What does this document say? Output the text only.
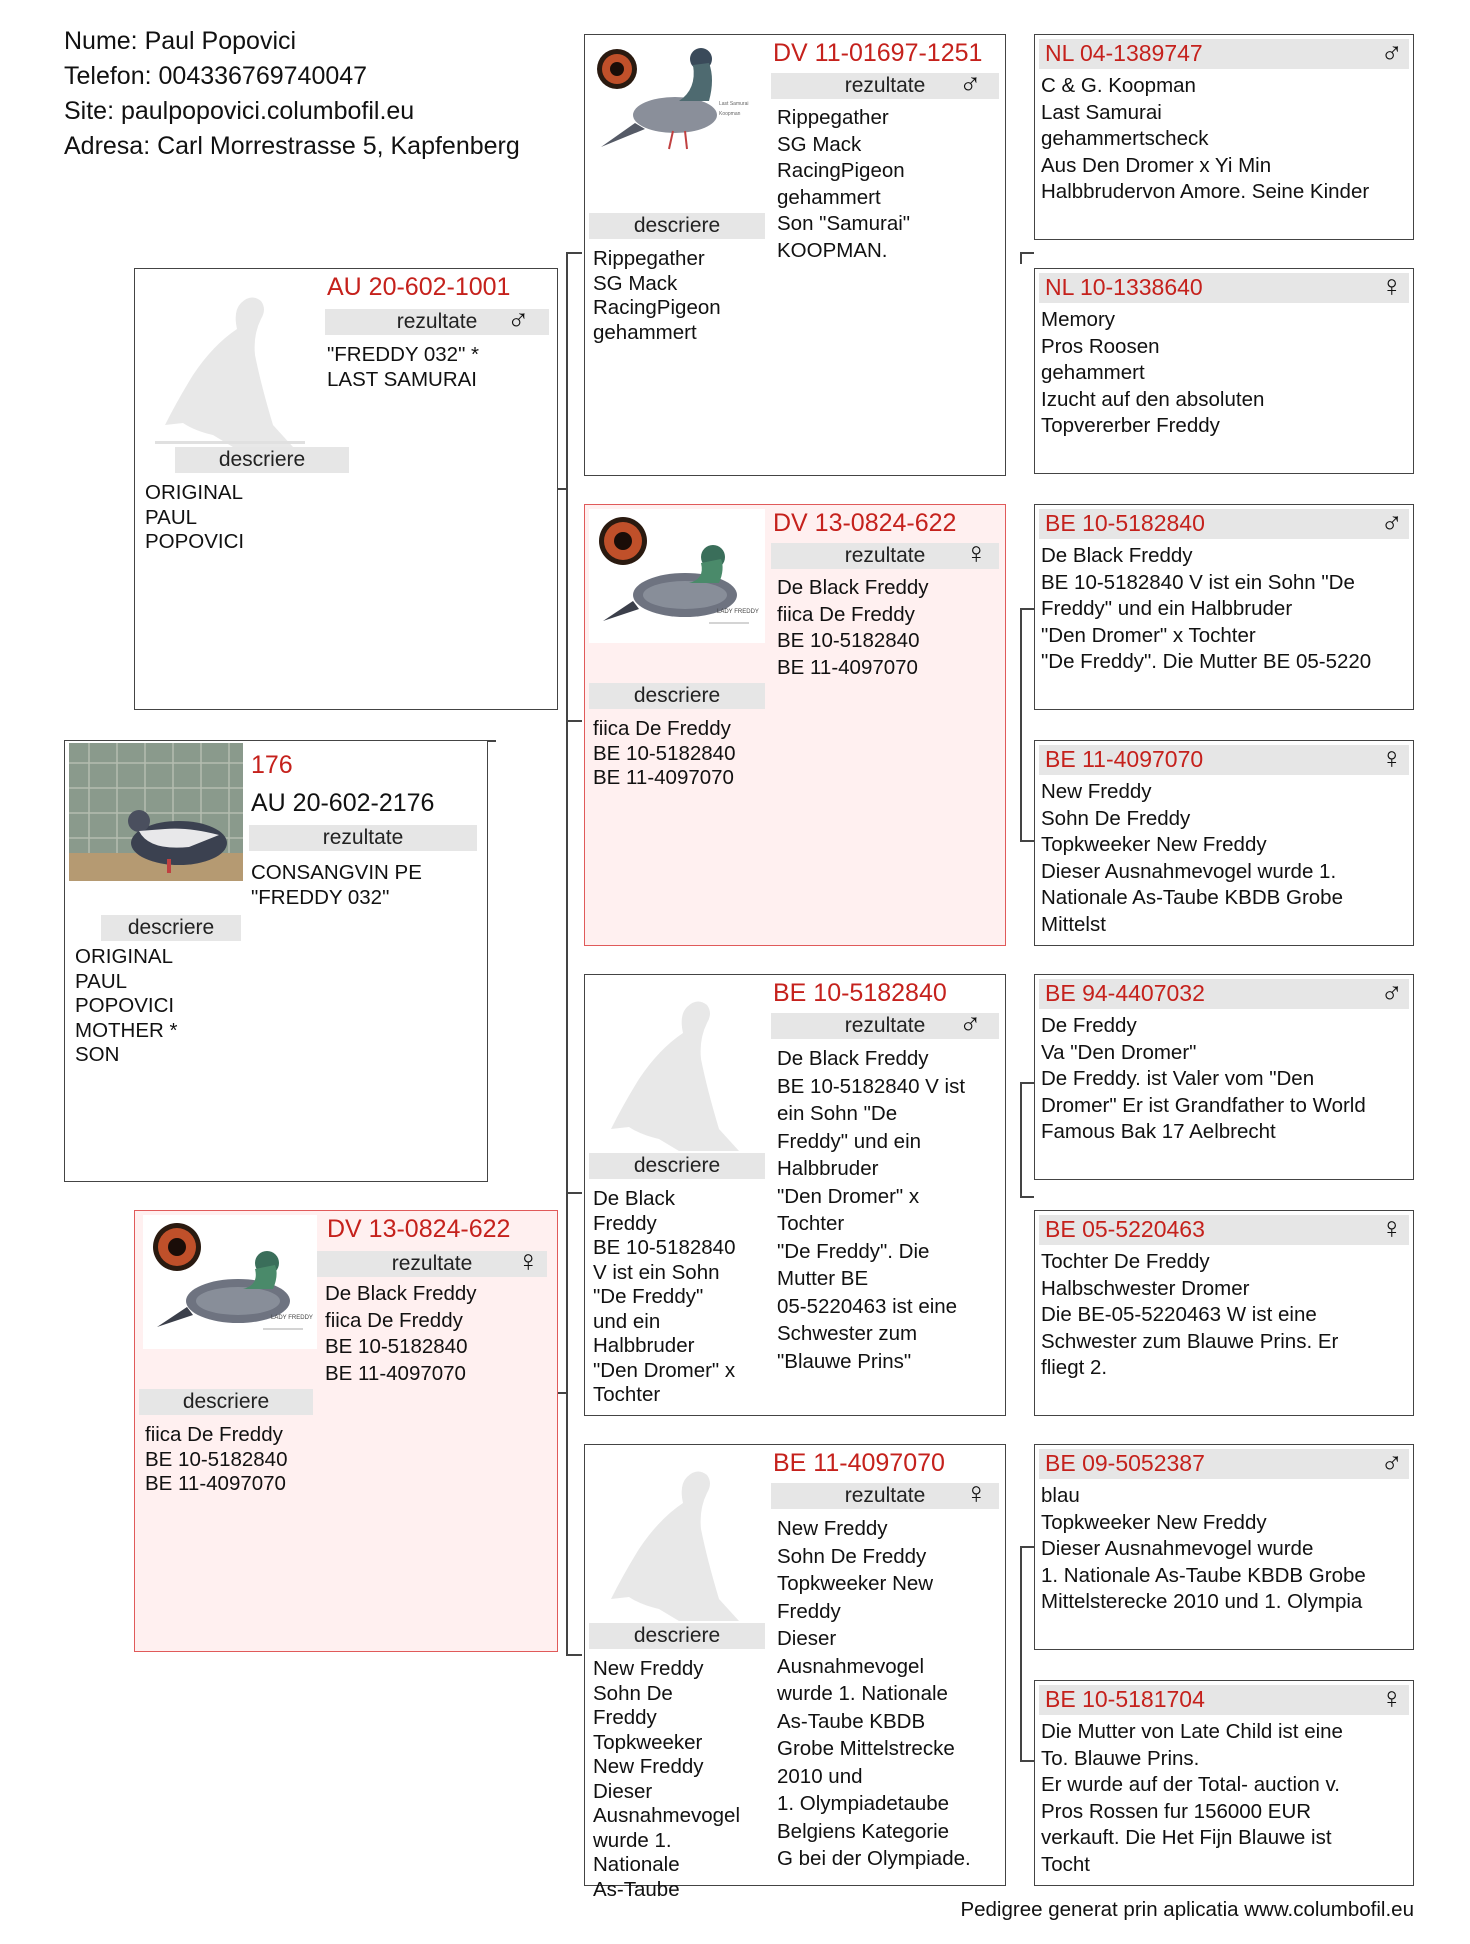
Nume: Paul Popovici
Telefon: 004336769740047
Site: paulpopovici.columbofil.eu
Adresa: Carl Morrestrasse 5, Kapfenberg
176
AU 20-602-2176
rezultate
CONSANGVIN PE
"FREDDY 032"
descriere
ORIGINAL
PAUL
POPOVICI
MOTHER *
SON
AU 20-602-1001
rezultate ♂
"FREDDY 032" *
LAST SAMURAI
descriere
ORIGINAL
PAUL
POPOVICI
LADY FREDDY
DV 13-0824-622
rezultate	♀
De Black Freddy
fiica De Freddy
BE 10-5182840
BE 11-4097070
descriere
fiica De Freddy
BE 10-5182840
BE 11-4097070
Last Samurai
Koopman
DV 11-01697-1251
rezultate	♂
Rippegather
SG Mack
RacingPigeon
gehammert
Son "Samurai"
KOOPMAN.
descriere
Rippegather
SG Mack
RacingPigeon
gehammert
LADY FREDDY
DV 13-0824-622
rezultate	♀
De Black Freddy
fiica De Freddy
BE 10-5182840
BE 11-4097070
descriere
fiica De Freddy
BE 10-5182840
BE 11-4097070
BE 10-5182840
rezultate	♂
De Black Freddy
BE 10-5182840 V ist
ein Sohn "De
Freddy" und ein
Halbbruder
"Den Dromer" x
Tochter
"De Freddy". Die
Mutter BE
05-5220463 ist eine
Schwester zum
"Blauwe Prins"
descriere
De Black
Freddy
BE 10-5182840
V ist ein Sohn
"De Freddy"
und ein
Halbbruder
"Den Dromer" x
Tochter
BE 11-4097070
rezultate	♀
New Freddy
Sohn De Freddy
Topkweeker New
Freddy
Dieser
Ausnahmevogel
wurde 1. Nationale
As-Taube KBDB
Grobe Mittelstrecke
2010 und
1. Olympiadetaube
Belgiens Kategorie
G bei der Olympiade.
descriere
New Freddy
Sohn De
Freddy
Topkweeker
New Freddy
Dieser
Ausnahmevogel
wurde 1.
Nationale
As-Taube
NL 04-1389747	♂
C & G. Koopman
Last Samurai
gehammertscheck
Aus Den Dromer x Yi Min
Halbbrudervon Amore. Seine Kinder
NL 10-1338640	♀
Memory
Pros Roosen
gehammert
Izucht auf den absoluten
Topvererber Freddy
BE 10-5182840	♂
De Black Freddy
BE 10-5182840 V ist ein Sohn "De
Freddy" und ein Halbbruder
"Den Dromer" x Tochter
"De Freddy". Die Mutter BE 05-5220
BE 11-4097070	♀
New Freddy
Sohn De Freddy
Topkweeker New Freddy
Dieser Ausnahmevogel wurde 1.
Nationale As-Taube KBDB Grobe
Mittelst
BE 94-4407032	♂
De Freddy
Va "Den Dromer"
De Freddy. ist Valer vom "Den
Dromer" Er ist Grandfather to World
Famous Bak 17 Aelbrecht
BE 05-5220463	♀
Tochter De Freddy
Halbschwester Dromer
Die BE-05-5220463 W ist eine
Schwester zum Blauwe Prins. Er
fliegt 2.
BE 09-5052387	♂
blau
Topkweeker New Freddy
Dieser Ausnahmevogel wurde
1. Nationale As-Taube KBDB Grobe
Mittelsterecke 2010 und 1. Olympia
BE 10-5181704	♀
Die Mutter von Late Child ist eine
To. Blauwe Prins.
Er wurde auf der Total- auction v.
Pros Rossen fur 156000 EUR
verkauft. Die Het Fijn Blauwe ist
Tocht
Pedigree generat prin aplicatia www.columbofil.eu
